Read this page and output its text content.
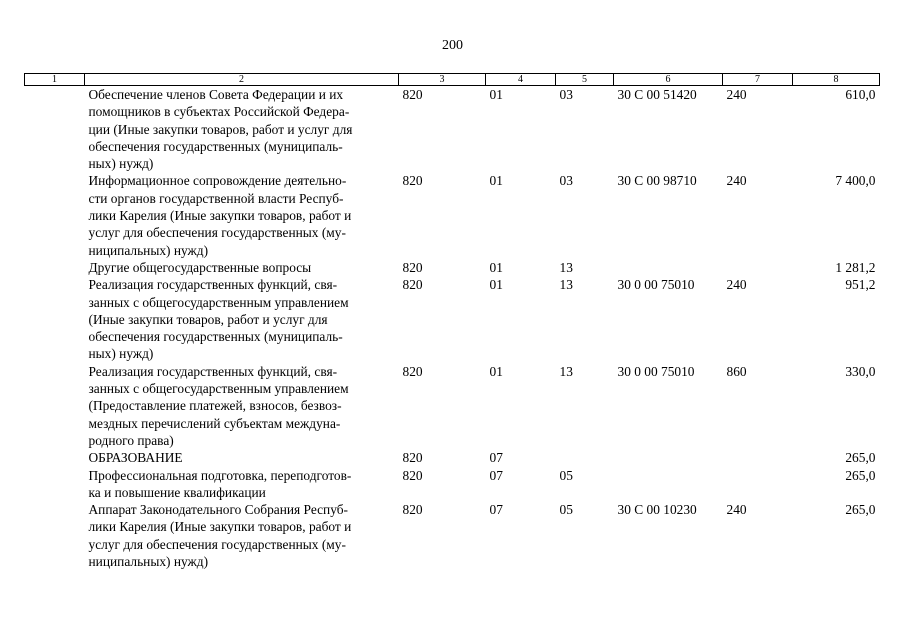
200
1	2	3	4	5	6	7	8
	Обеспечение членов Совета Федерации и их
помощников в субъектах Российской Федера-
ции (Иные закупки товаров, работ и услуг для
обеспечения государственных (муниципаль-
ных) нужд)	820	01	03	30 С 00 51420	240	610,0
	Информационное сопровождение деятельно-
сти органов государственной власти Респуб-
лики Карелия (Иные закупки товаров, работ и
услуг для обеспечения государственных (му-
ниципальных) нужд)	820	01	03	30 С 00 98710	240	7 400,0
	Другие общегосударственные вопросы	820	01	13			1 281,2
	Реализация государственных функций, свя-
занных с общегосударственным управлением
(Иные закупки товаров, работ и услуг для
обеспечения государственных (муниципаль-
ных) нужд)	820	01	13	30 0 00 75010	240	951,2
	Реализация государственных функций, свя-
занных с общегосударственным управлением
(Предоставление платежей, взносов, безвоз-
мездных перечислений субъектам междуна-
родного права)	820	01	13	30 0 00 75010	860	330,0
	ОБРАЗОВАНИЕ	820	07				265,0
	Профессиональная подготовка, переподготов-
ка и повышение квалификации	820	07	05			265,0
	Аппарат Законодательного Собрания Респуб-
лики Карелия (Иные закупки товаров, работ и
услуг для обеспечения государственных (му-
ниципальных) нужд)	820	07	05	30 С 00 10230	240	265,0
